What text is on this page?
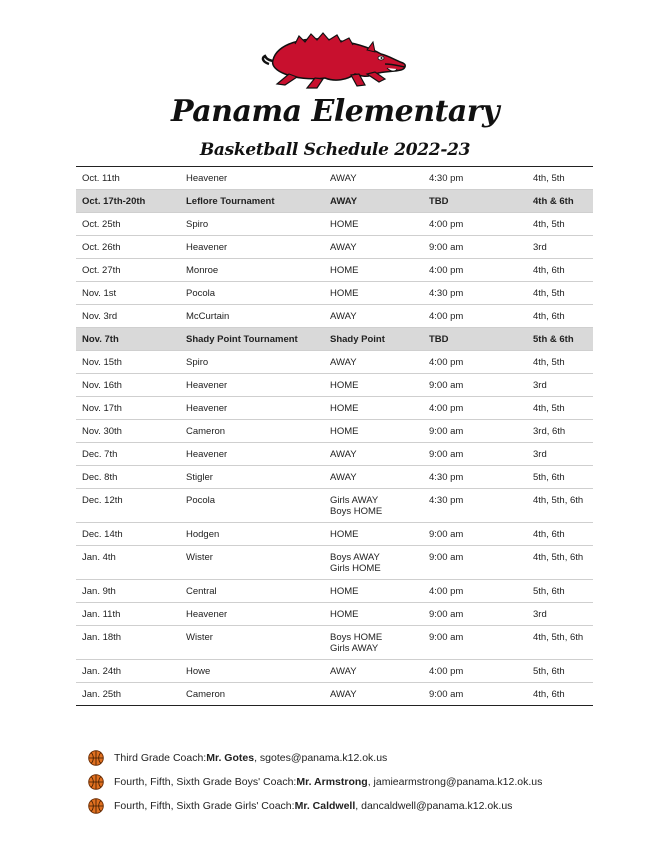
Panama Elementary
Basketball Schedule 2022-23
Oct. 11th	Heavener	AWAY	4:30 pm	4th, 5th
Oct. 17th-20th	Leflore Tournament	AWAY	TBD	4th & 6th
Oct. 25th	Spiro	HOME	4:00 pm	4th, 5th
Oct. 26th	Heavener	AWAY	9:00 am	3rd
Oct. 27th	Monroe	HOME	4:00 pm	4th, 6th
Nov. 1st	Pocola	HOME	4:30 pm	4th, 5th
Nov. 3rd	McCurtain	AWAY	4:00 pm	4th, 6th
Nov. 7th	Shady Point Tournament	Shady Point	TBD	5th & 6th
Nov. 15th	Spiro	AWAY	4:00 pm	4th, 5th
Nov. 16th	Heavener	HOME	9:00 am	3rd
Nov. 17th	Heavener	HOME	4:00 pm	4th, 5th
Nov. 30th	Cameron	HOME	9:00 am	3rd, 6th
Dec. 7th	Heavener	AWAY	9:00 am	3rd
Dec. 8th	Stigler	AWAY	4:30 pm	5th, 6th
Dec. 12th	Pocola	Girls AWAY
Boys HOME	4:30 pm	4th, 5th, 6th
Dec. 14th	Hodgen	HOME	9:00 am	4th, 6th
Jan. 4th	Wister	Boys AWAY
Girls HOME	9:00 am	4th, 5th, 6th
Jan. 9th	Central	HOME	4:00 pm	5th, 6th
Jan. 11th	Heavener	HOME	9:00 am	3rd
Jan. 18th	Wister	Boys HOME
Girls AWAY	9:00 am	4th, 5th, 6th
Jan. 24th	Howe	AWAY	4:00 pm	5th, 6th
Jan. 25th	Cameron	AWAY	9:00 am	4th, 6th
Third Grade Coach: Mr. Gotes , sgotes@panama.k12.ok.us
Fourth, Fifth, Sixth Grade Boys' Coach: Mr. Armstrong , jamiearmstrong@panama.k12.ok.us
Fourth, Fifth, Sixth Grade Girls' Coach: Mr. Caldwell , dancaldwell@panama.k12.ok.us
